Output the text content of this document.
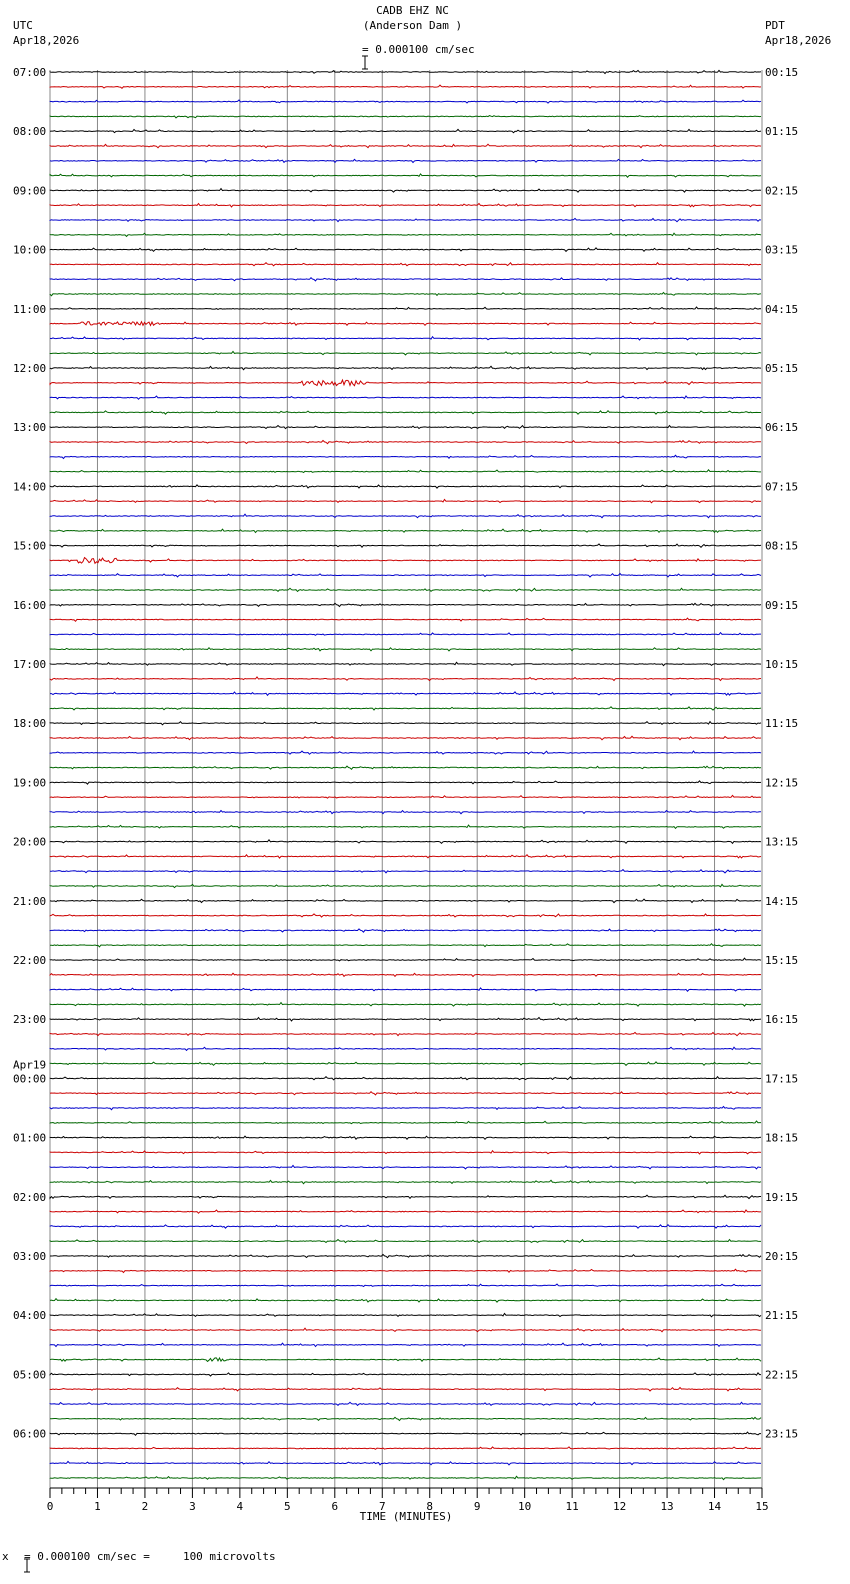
CADB EHZ NC
(Anderson Dam )

= 0.000100 cm/sec
UTC
Apr18,2026
PDT
Apr18,2026
07:00
08:00
09:00
10:00
11:00
12:00
13:00
14:00
15:00
16:00
17:00
18:00
19:00
20:00
21:00
22:00
23:00
Apr19
00:00
01:00
02:00
03:00
04:00
05:00
06:00
00:15
01:15
02:15
03:15
04:15
05:15
06:15
07:15
08:15
09:15
10:15
11:15
12:15
13:15
14:15
15:15
16:15
17:15
18:15
19:15
20:15
21:15
22:15
23:15
0	1	2	3	4	5	6	7	8	9	10	11	12	13	14	15
TIME (MINUTES)
x

= 0.000100 cm/sec =     100 microvolts
